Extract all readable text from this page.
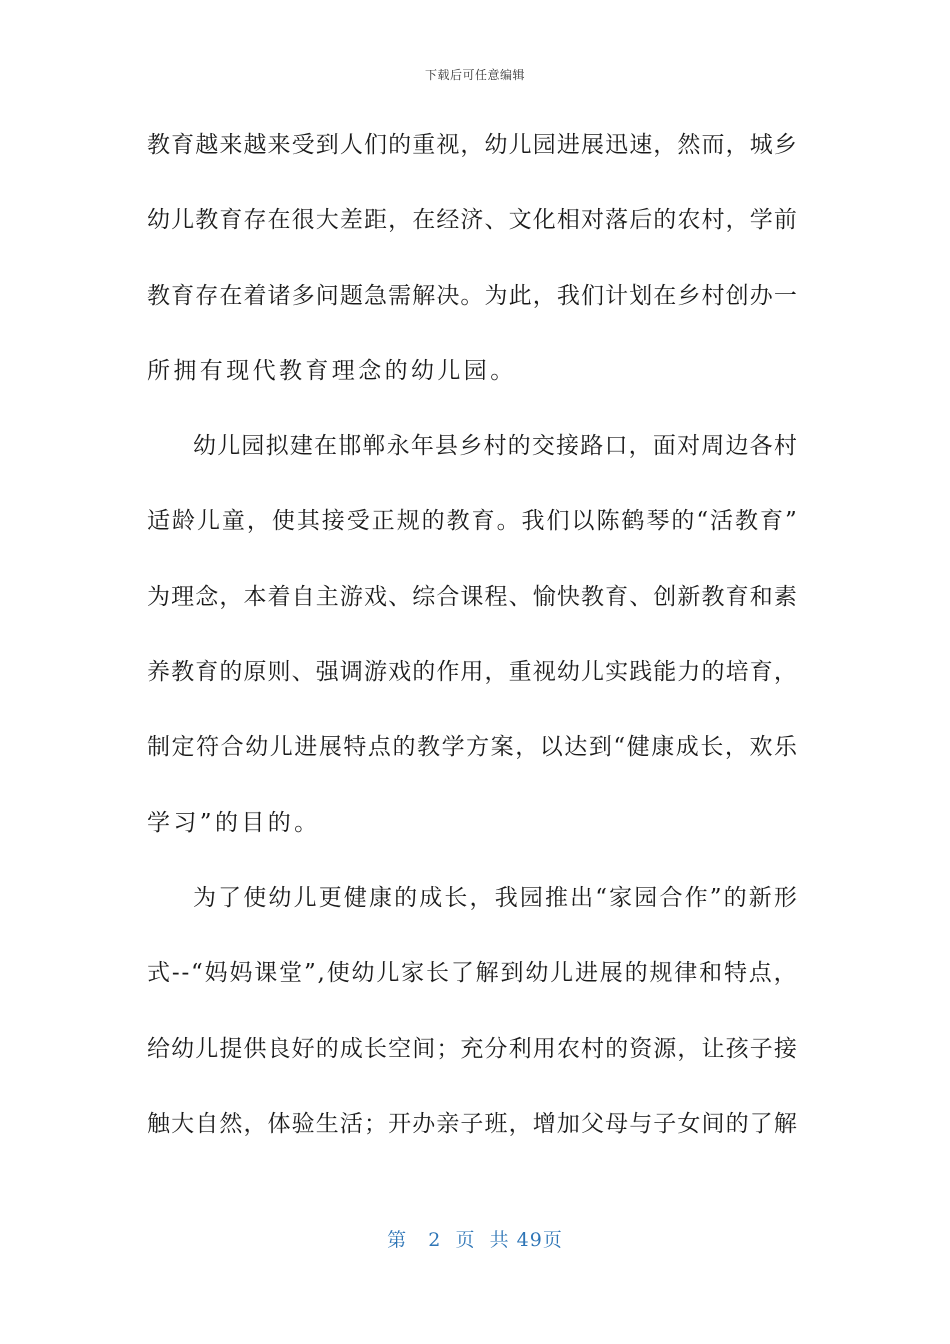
下载后可任意编辑
教 育 越 来 越 来 受 到 人 们 的 重 视 ， 幼 儿 园 进 展 迅 速 ， 然 而 ， 城 乡
幼 儿 教 育 存 在 很 大 差 距 ， 在 经 济 、 文 化 相 对 落 后 的 农 村 ， 学 前
教 育 存 在 着 诸 多 问 题 急 需 解 决 。 为 此 ， 我 们 计 划 在 乡 村 创 办 一
所拥有现代教育理念的幼儿园。
幼 儿 园 拟 建 在 邯 郸 永 年 县 乡 村 的 交 接 路 口 ， 面 对 周 边 各 村
适 龄 儿 童 ， 使 其 接 受 正 规 的 教 育 。 我 们 以 陈 鹤 琴 的 “ 活 教 育 ”
为 理 念 ， 本 着 自 主 游 戏 、 综 合 课 程 、 愉 快 教 育 、 创 新 教 育 和 素
养 教 育 的 原 则 、 强 调 游 戏 的 作 用 ， 重 视 幼 儿 实 践 能 力 的 培 育 ，
制 定 符 合 幼 儿 进 展 特 点 的 教 学 方 案 ， 以 达 到 “ 健 康 成 长 ， 欢 乐
学习”的目的。
为 了 使 幼 儿 更 健 康 的 成 长 ， 我 园 推 出 “ 家 园 合 作 ” 的 新 形
式 - - “ 妈 妈 课 堂 ” , 使 幼 儿 家 长 了 解 到 幼 儿 进 展 的 规 律 和 特 点 ，
给 幼 儿 提 供 良 好 的 成 长 空 间 ； 充 分 利 用 农 村 的 资 源 ， 让 孩 子 接
触 大 自 然 ， 体 验 生 活 ； 开 办 亲 子 班 ， 增 加 父 母 与 子 女 间 的 了 解
第 2 页  共 49页
